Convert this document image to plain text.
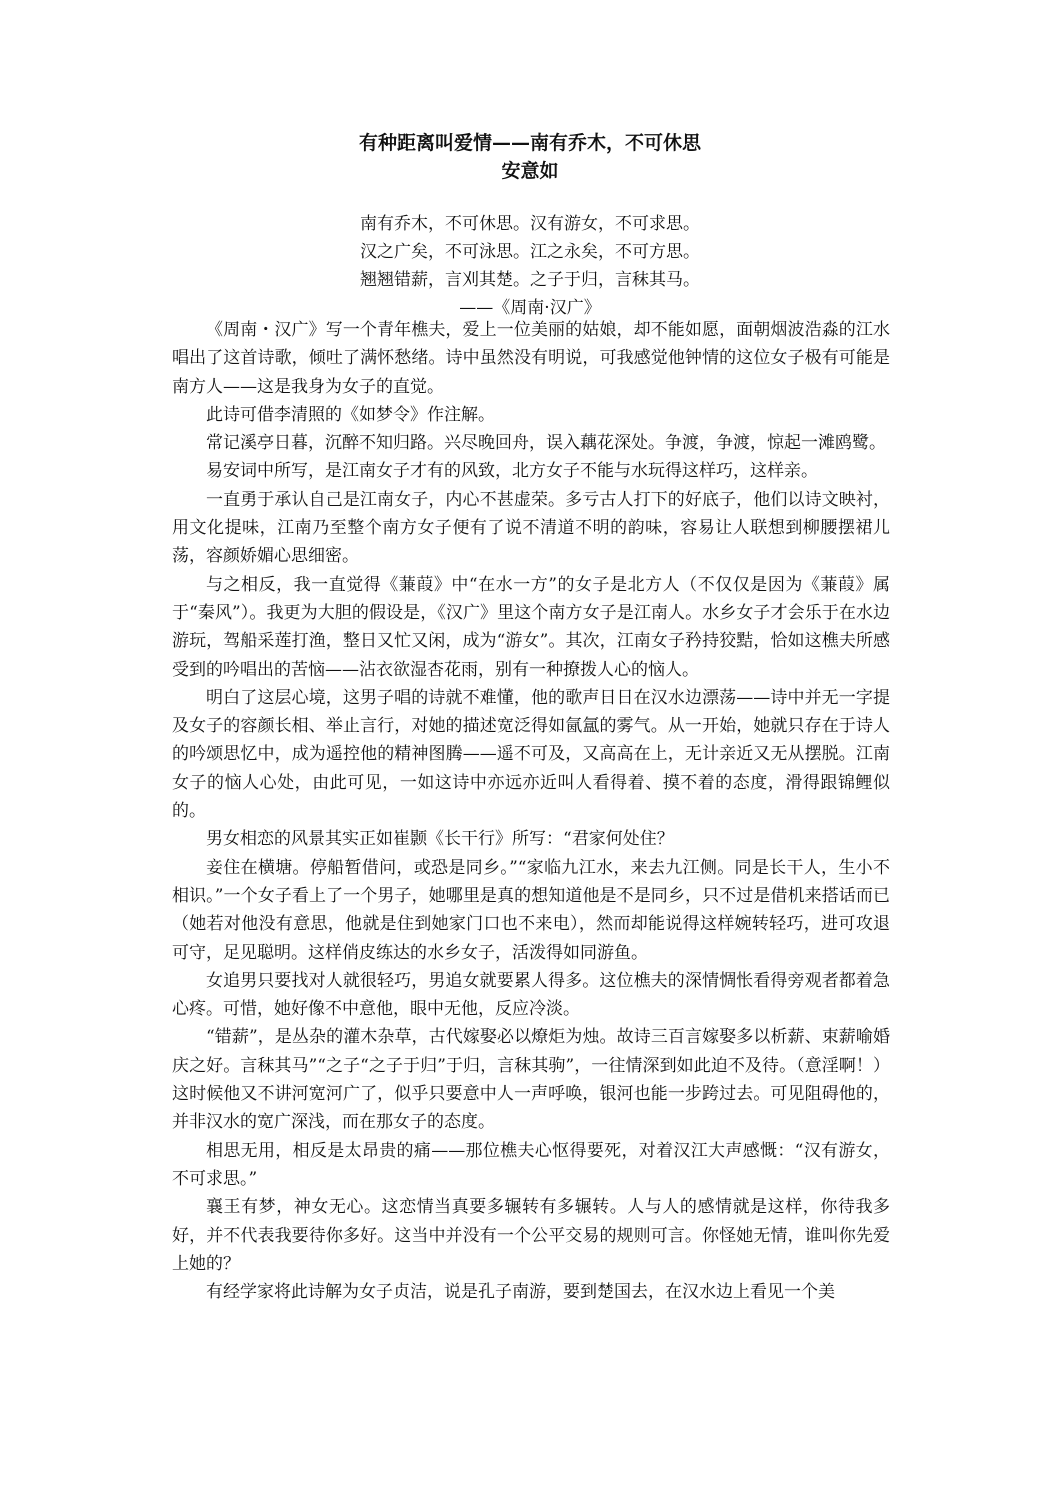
有种距离叫爱情——南有乔木，不可休思
安意如
南有乔木，不可休思。汉有游女，不可求思。
汉之广矣，不可泳思。江之永矣，不可方思。
翘翘错薪，言刈其楚。之子于归，言秣其马。
——《周南·汉广》

《周南・汉广》写一个青年樵夫，爱上一位美丽的姑娘，却不能如愿，面朝烟波浩淼的江水唱出了这首诗歌，倾吐了满怀愁绪。诗中虽然没有明说，可我感觉他钟情的这位女子极有可能是南方人——这是我身为女子的直觉。

此诗可借李清照的《如梦令》作注解。

常记溪亭日暮，沉醉不知归路。兴尽晚回舟，误入藕花深处。争渡，争渡，惊起一滩鸥鹭。

易安词中所写，是江南女子才有的风致，北方女子不能与水玩得这样巧，这样亲。

一直勇于承认自己是江南女子，内心不甚虚荣。多亏古人打下的好底子，他们以诗文映衬，用文化提味，江南乃至整个南方女子便有了说不清道不明的韵味，容易让人联想到柳腰摆裙儿荡，容颜娇媚心思细密。

与之相反，我一直觉得《蒹葭》中“在水一方”的女子是北方人（不仅仅是因为《蒹葭》属于“秦风”）。我更为大胆的假设是，《汉广》里这个南方女子是江南人。水乡女子才会乐于在水边游玩，驾船采莲打渔，整日又忙又闲，成为“游女”。其次，江南女子矜持狡黠，恰如这樵夫所感受到的吟唱出的苦恼——沾衣欲湿杏花雨，别有一种撩拨人心的恼人。

明白了这层心境，这男子唱的诗就不难懂，他的歌声日日在汉水边漂荡——诗中并无一字提及女子的容颜长相、举止言行，对她的描述宽泛得如氤氲的雾气。从一开始，她就只存在于诗人的吟颂思忆中，成为遥控他的精神图腾——遥不可及，又高高在上，无计亲近又无从摆脱。江南女子的恼人心处，由此可见，一如这诗中亦远亦近叫人看得着、摸不着的态度，滑得跟锦鲤似的。

男女相恋的风景其实正如崔颢《长干行》所写：“君家何处住？

妾住在横塘。停船暂借问，或恐是同乡。”“家临九江水，来去九江侧。同是长干人，生小不相识。”一个女子看上了一个男子，她哪里是真的想知道他是不是同乡，只不过是借机来搭话而已（她若对他没有意思，他就是住到她家门口也不来电），然而却能说得这样婉转轻巧，进可攻退可守，足见聪明。这样俏皮练达的水乡女子，活泼得如同游鱼。

女追男只要找对人就很轻巧，男追女就要累人得多。这位樵夫的深情惆怅看得旁观者都着急心疼。可惜，她好像不中意他，眼中无他，反应冷淡。

“错薪”，是丛杂的灌木杂草，古代嫁娶必以燎炬为烛。故诗三百言嫁娶多以析薪、束薪喻婚庆之好。言秣其马”“之子“之子于归”于归，言秣其驹”，一往情深到如此迫不及待。（意淫啊！）这时候他又不讲河宽河广了，似乎只要意中人一声呼唤，银河也能一步跨过去。可见阻碍他的，并非汉水的宽广深浅，而在那女子的态度。

相思无用，相反是太昂贵的痛——那位樵夫心怄得要死，对着汉江大声感慨：“汉有游女，不可求思。”

襄王有梦，神女无心。这恋情当真要多辗转有多辗转。人与人的感情就是这样，你待我多好，并不代表我要待你多好。这当中并没有一个公平交易的规则可言。你怪她无情，谁叫你先爱上她的？

有经学家将此诗解为女子贞洁，说是孔子南游，要到楚国去，在汉水边上看见一个美
